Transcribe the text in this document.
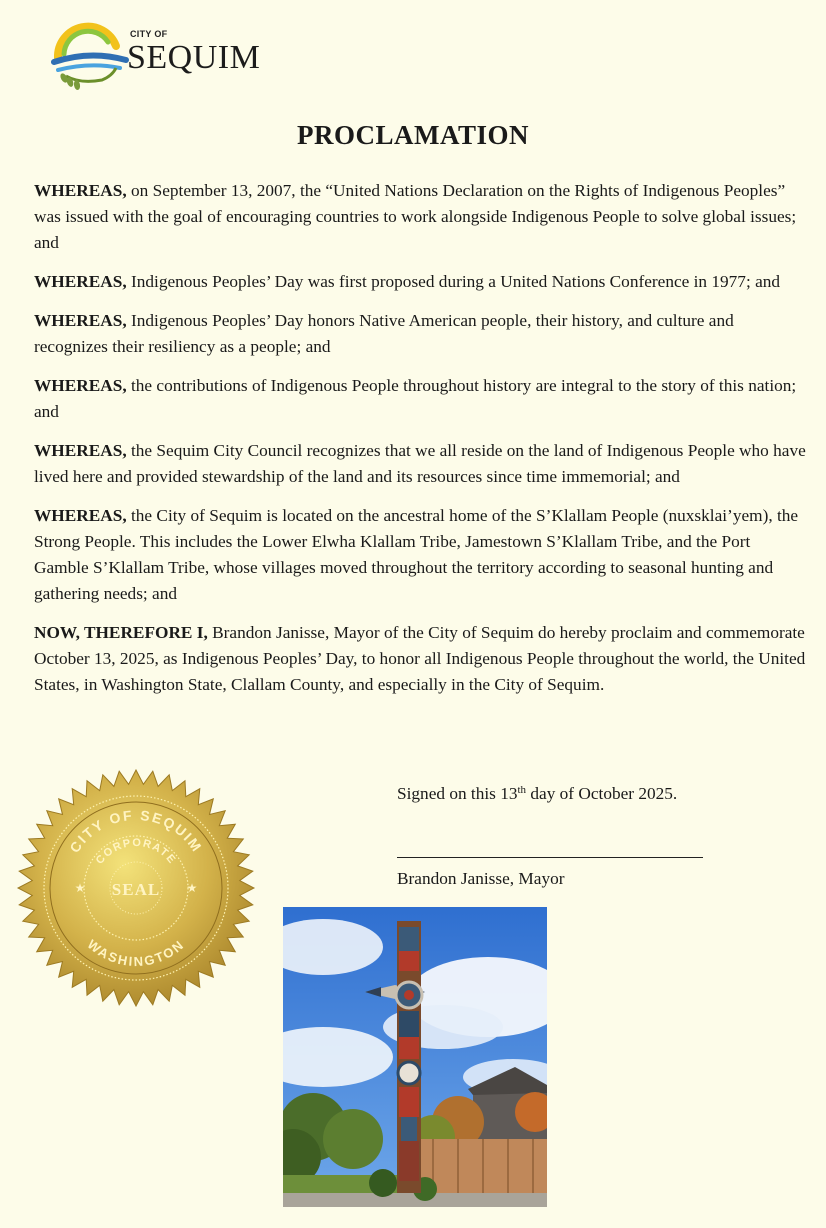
CITY OF
SEQUIM
PROCLAMATION

WHEREAS, on September 13, 2007, the “United Nations Declaration on the Rights of Indigenous Peoples” was issued with the goal of encouraging countries to work alongside Indigenous People to solve global issues; and

WHEREAS, Indigenous Peoples’ Day was first proposed during a United Nations Conference in 1977; and

WHEREAS, Indigenous Peoples’ Day honors Native American people, their history, and culture and recognizes their resiliency as a people; and

WHEREAS, the contributions of Indigenous People throughout history are integral to the story of this nation; and

WHEREAS, the Sequim City Council recognizes that we all reside on the land of Indigenous People who have lived here and provided stewardship of the land and its resources since time immemorial; and

WHEREAS, the City of Sequim is located on the ancestral home of the S’Klallam People (nuxsklai’yem), the Strong People. This includes the Lower Elwha Klallam Tribe, Jamestown S’Klallam Tribe, and the Port Gamble S’Klallam Tribe, whose villages moved throughout the territory according to seasonal hunting and gathering needs; and

NOW, THEREFORE I, Brandon Janisse, Mayor of the City of Sequim do hereby proclaim and commemorate October 13, 2025, as Indigenous Peoples’ Day, to honor all Indigenous People throughout the world, the United States, in Washington State, Clallam County, and especially in the City of Sequim.

CITY OF SEQUIM
CORPORATE
SEAL
WASHINGTON
★	★
Signed on this 13th day of October 2025.
Brandon Janisse, Mayor
